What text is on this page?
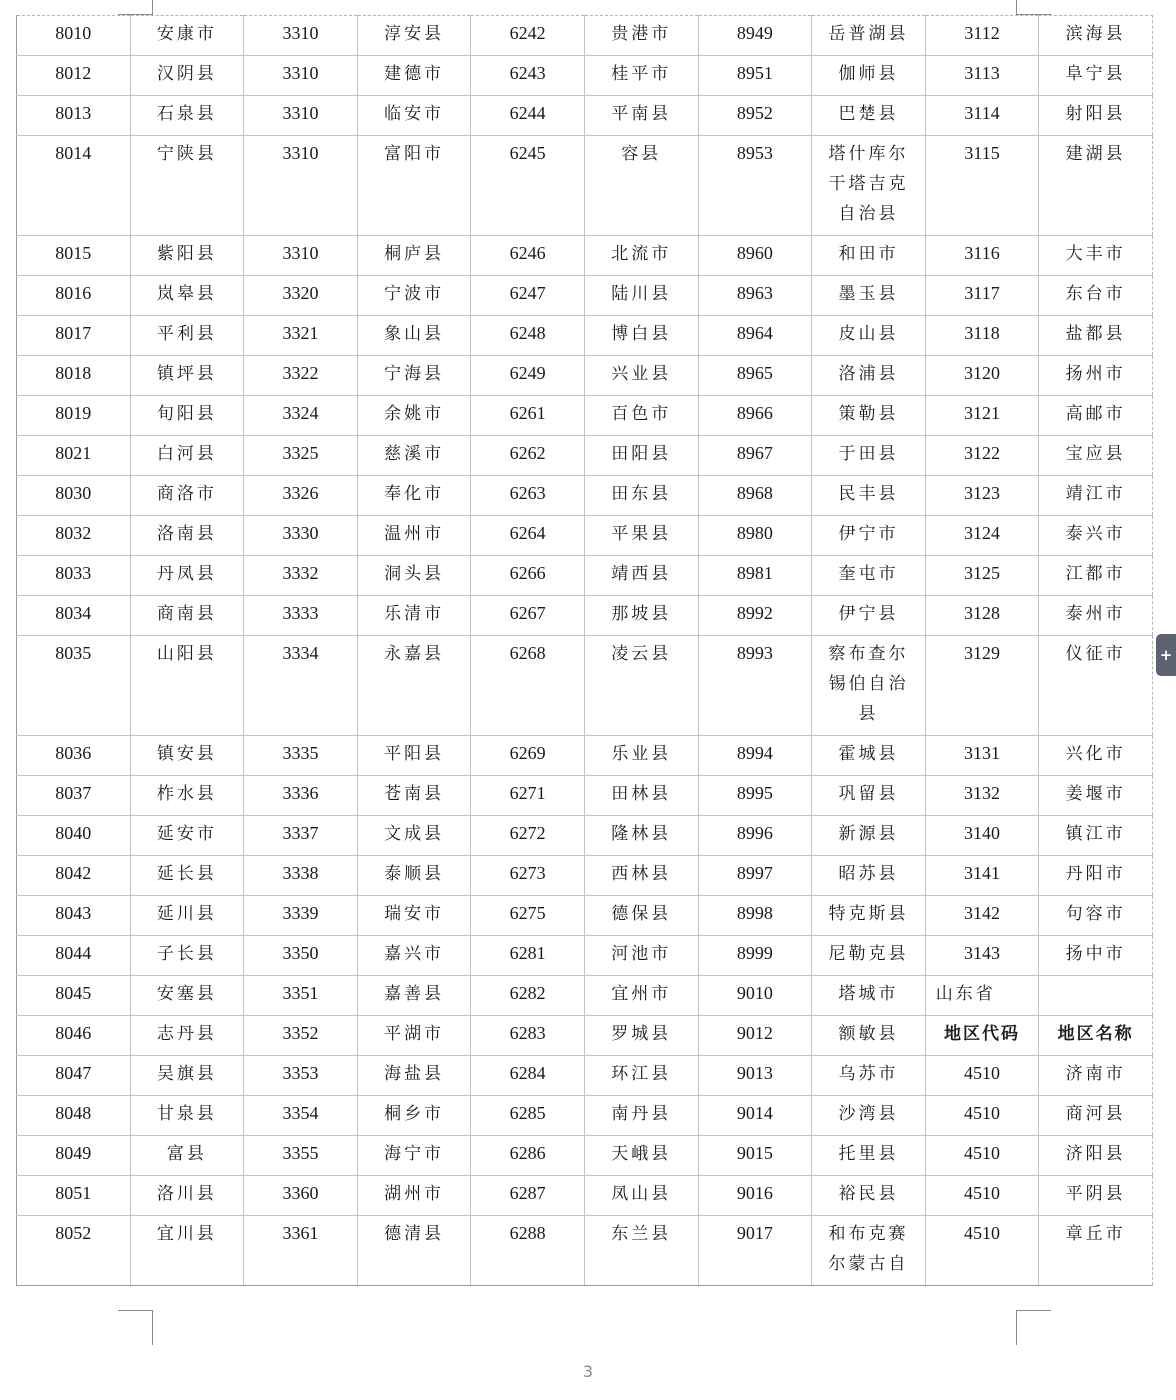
8010	安康市	3310	淳安县	6242	贵港市	8949	岳普湖县	3112	滨海县
8012	汉阴县	3310	建德市	6243	桂平市	8951	伽师县	3113	阜宁县
8013	石泉县	3310	临安市	6244	平南县	8952	巴楚县	3114	射阳县
8014	宁陕县	3310	富阳市	6245	容县	8953	塔什库尔干塔吉克自治县	3115	建湖县
8015	紫阳县	3310	桐庐县	6246	北流市	8960	和田市	3116	大丰市
8016	岚皋县	3320	宁波市	6247	陆川县	8963	墨玉县	3117	东台市
8017	平利县	3321	象山县	6248	博白县	8964	皮山县	3118	盐都县
8018	镇坪县	3322	宁海县	6249	兴业县	8965	洛浦县	3120	扬州市
8019	旬阳县	3324	余姚市	6261	百色市	8966	策勒县	3121	高邮市
8021	白河县	3325	慈溪市	6262	田阳县	8967	于田县	3122	宝应县
8030	商洛市	3326	奉化市	6263	田东县	8968	民丰县	3123	靖江市
8032	洛南县	3330	温州市	6264	平果县	8980	伊宁市	3124	泰兴市
8033	丹凤县	3332	洞头县	6266	靖西县	8981	奎屯市	3125	江都市
8034	商南县	3333	乐清市	6267	那坡县	8992	伊宁县	3128	泰州市
8035	山阳县	3334	永嘉县	6268	凌云县	8993	察布查尔锡伯自治县	3129	仪征市
8036	镇安县	3335	平阳县	6269	乐业县	8994	霍城县	3131	兴化市
8037	柞水县	3336	苍南县	6271	田林县	8995	巩留县	3132	姜堰市
8040	延安市	3337	文成县	6272	隆林县	8996	新源县	3140	镇江市
8042	延长县	3338	泰顺县	6273	西林县	8997	昭苏县	3141	丹阳市
8043	延川县	3339	瑞安市	6275	德保县	8998	特克斯县	3142	句容市
8044	子长县	3350	嘉兴市	6281	河池市	8999	尼勒克县	3143	扬中市
8045	安塞县	3351	嘉善县	6282	宜州市	9010	塔城市	山东省	
8046	志丹县	3352	平湖市	6283	罗城县	9012	额敏县	地区代码	地区名称
8047	吴旗县	3353	海盐县	6284	环江县	9013	乌苏市	4510	济南市
8048	甘泉县	3354	桐乡市	6285	南丹县	9014	沙湾县	4510	商河县
8049	富县	3355	海宁市	6286	天峨县	9015	托里县	4510	济阳县
8051	洛川县	3360	湖州市	6287	凤山县	9016	裕民县	4510	平阴县
8052	宜川县	3361	德清县	6288	东兰县	9017	和布克赛尔蒙古自	4510	章丘市
+
3
